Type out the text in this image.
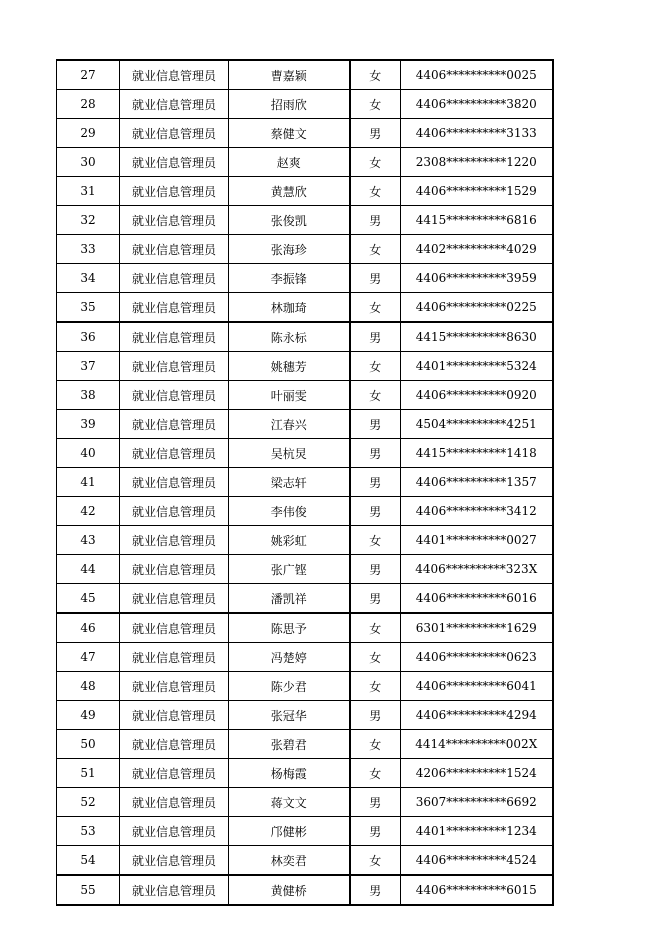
27	就业信息管理员	曹嘉颖	女	4406**********0025
28	就业信息管理员	招雨欣	女	4406**********3820
29	就业信息管理员	蔡健文	男	4406**********3133
30	就业信息管理员	赵爽	女	2308**********1220
31	就业信息管理员	黄慧欣	女	4406**********1529
32	就业信息管理员	张俊凯	男	4415**********6816
33	就业信息管理员	张海珍	女	4402**********4029
34	就业信息管理员	李振锋	男	4406**********3959
35	就业信息管理员	林珈琦	女	4406**********0225
36	就业信息管理员	陈永标	男	4415**********8630
37	就业信息管理员	姚穗芳	女	4401**********5324
38	就业信息管理员	叶丽雯	女	4406**********0920
39	就业信息管理员	江春兴	男	4504**********4251
40	就业信息管理员	吴杭炅	男	4415**********1418
41	就业信息管理员	梁志轩	男	4406**********1357
42	就业信息管理员	李伟俊	男	4406**********3412
43	就业信息管理员	姚彩虹	女	4401**********0027
44	就业信息管理员	张广铿	男	4406**********323X
45	就业信息管理员	潘凯祥	男	4406**********6016
46	就业信息管理员	陈思予	女	6301**********1629
47	就业信息管理员	冯楚婷	女	4406**********0623
48	就业信息管理员	陈少君	女	4406**********6041
49	就业信息管理员	张冠华	男	4406**********4294
50	就业信息管理员	张碧君	女	4414**********002X
51	就业信息管理员	杨梅霞	女	4206**********1524
52	就业信息管理员	蒋文文	男	3607**********6692
53	就业信息管理员	邝健彬	男	4401**********1234
54	就业信息管理员	林奕君	女	4406**********4524
55	就业信息管理员	黄健桥	男	4406**********6015
